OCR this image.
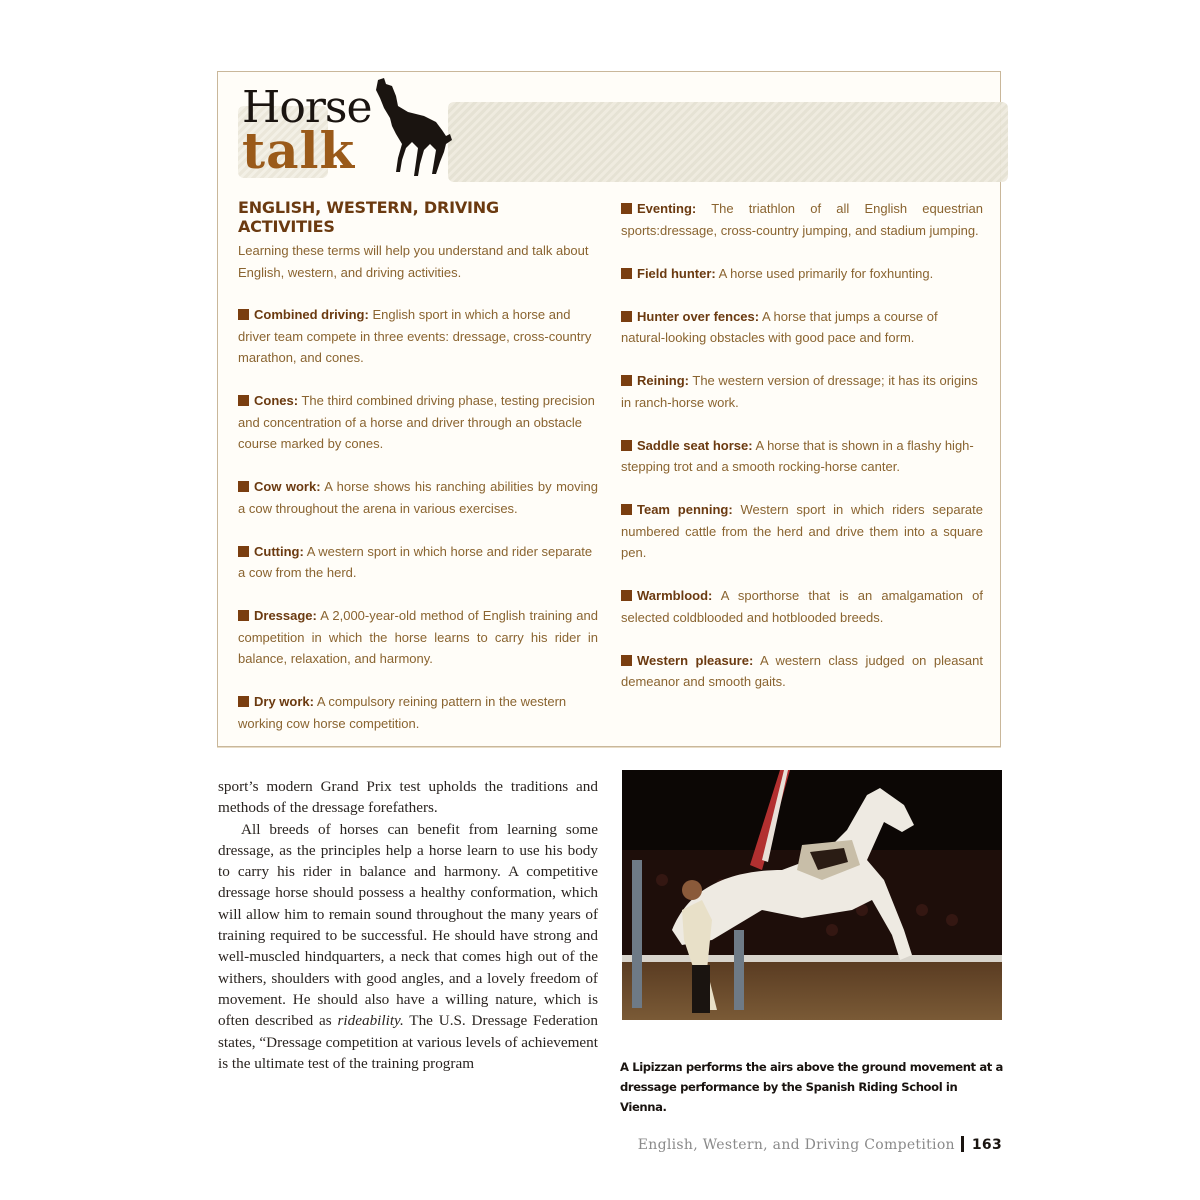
Horse
talk
ENGLISH, WESTERN, DRIVING ACTIVITIES
Learning these terms will help you understand and talk about English, western, and driving activities.
Combined driving: English sport in which a horse and driver team compete in three events: dressage, cross-country marathon, and cones.
Cones: The third combined driving phase, testing precision and concentration of a horse and driver through an obstacle course marked by cones.
Cow work: A horse shows his ranching abilities by moving a cow throughout the arena in various exercises.
Cutting: A western sport in which horse and rider separate a cow from the herd.
Dressage: A 2,000-year-old method of English training and competition in which the horse learns to carry his rider in balance, relaxation, and harmony.
Dry work: A compulsory reining pattern in the western working cow horse competition.
Eventing: The triathlon of all English equestrian sports:dressage, cross-country jumping, and stadium jumping.
Field hunter: A horse used primarily for foxhunting.
Hunter over fences: A horse that jumps a course of natural-looking obstacles with good pace and form.
Reining: The western version of dressage; it has its origins in ranch-horse work.
Saddle seat horse: A horse that is shown in a flashy high-stepping trot and a smooth rocking-horse canter.
Team penning: Western sport in which riders separate numbered cattle from the herd and drive them into a square pen.
Warmblood: A sporthorse that is an amalgamation of selected coldblooded and hotblooded breeds.
Western pleasure: A western class judged on pleasant demeanor and smooth gaits.

sport’s modern Grand Prix test upholds the traditions and methods of the dressage forefathers.

All breeds of horses can benefit from learning some dressage, as the principles help a horse learn to use his body to carry his rider in balance and harmony. A competitive dressage horse should possess a healthy conformation, which will allow him to remain sound throughout the many years of training required to be successful. He should have strong and well-muscled hindquarters, a neck that comes high out of the withers, shoulders with good angles, and a lovely freedom of movement. He should also have a willing nature, which is often described as rideability. The U.S. Dressage Federation states, “Dressage competition at various levels of achievement is the ultimate test of the training program	A Lipizzan performs the airs above the ground movement at a dressage performance by the Spanish Riding School in Vienna.
English, Western, and Driving Competition 163
